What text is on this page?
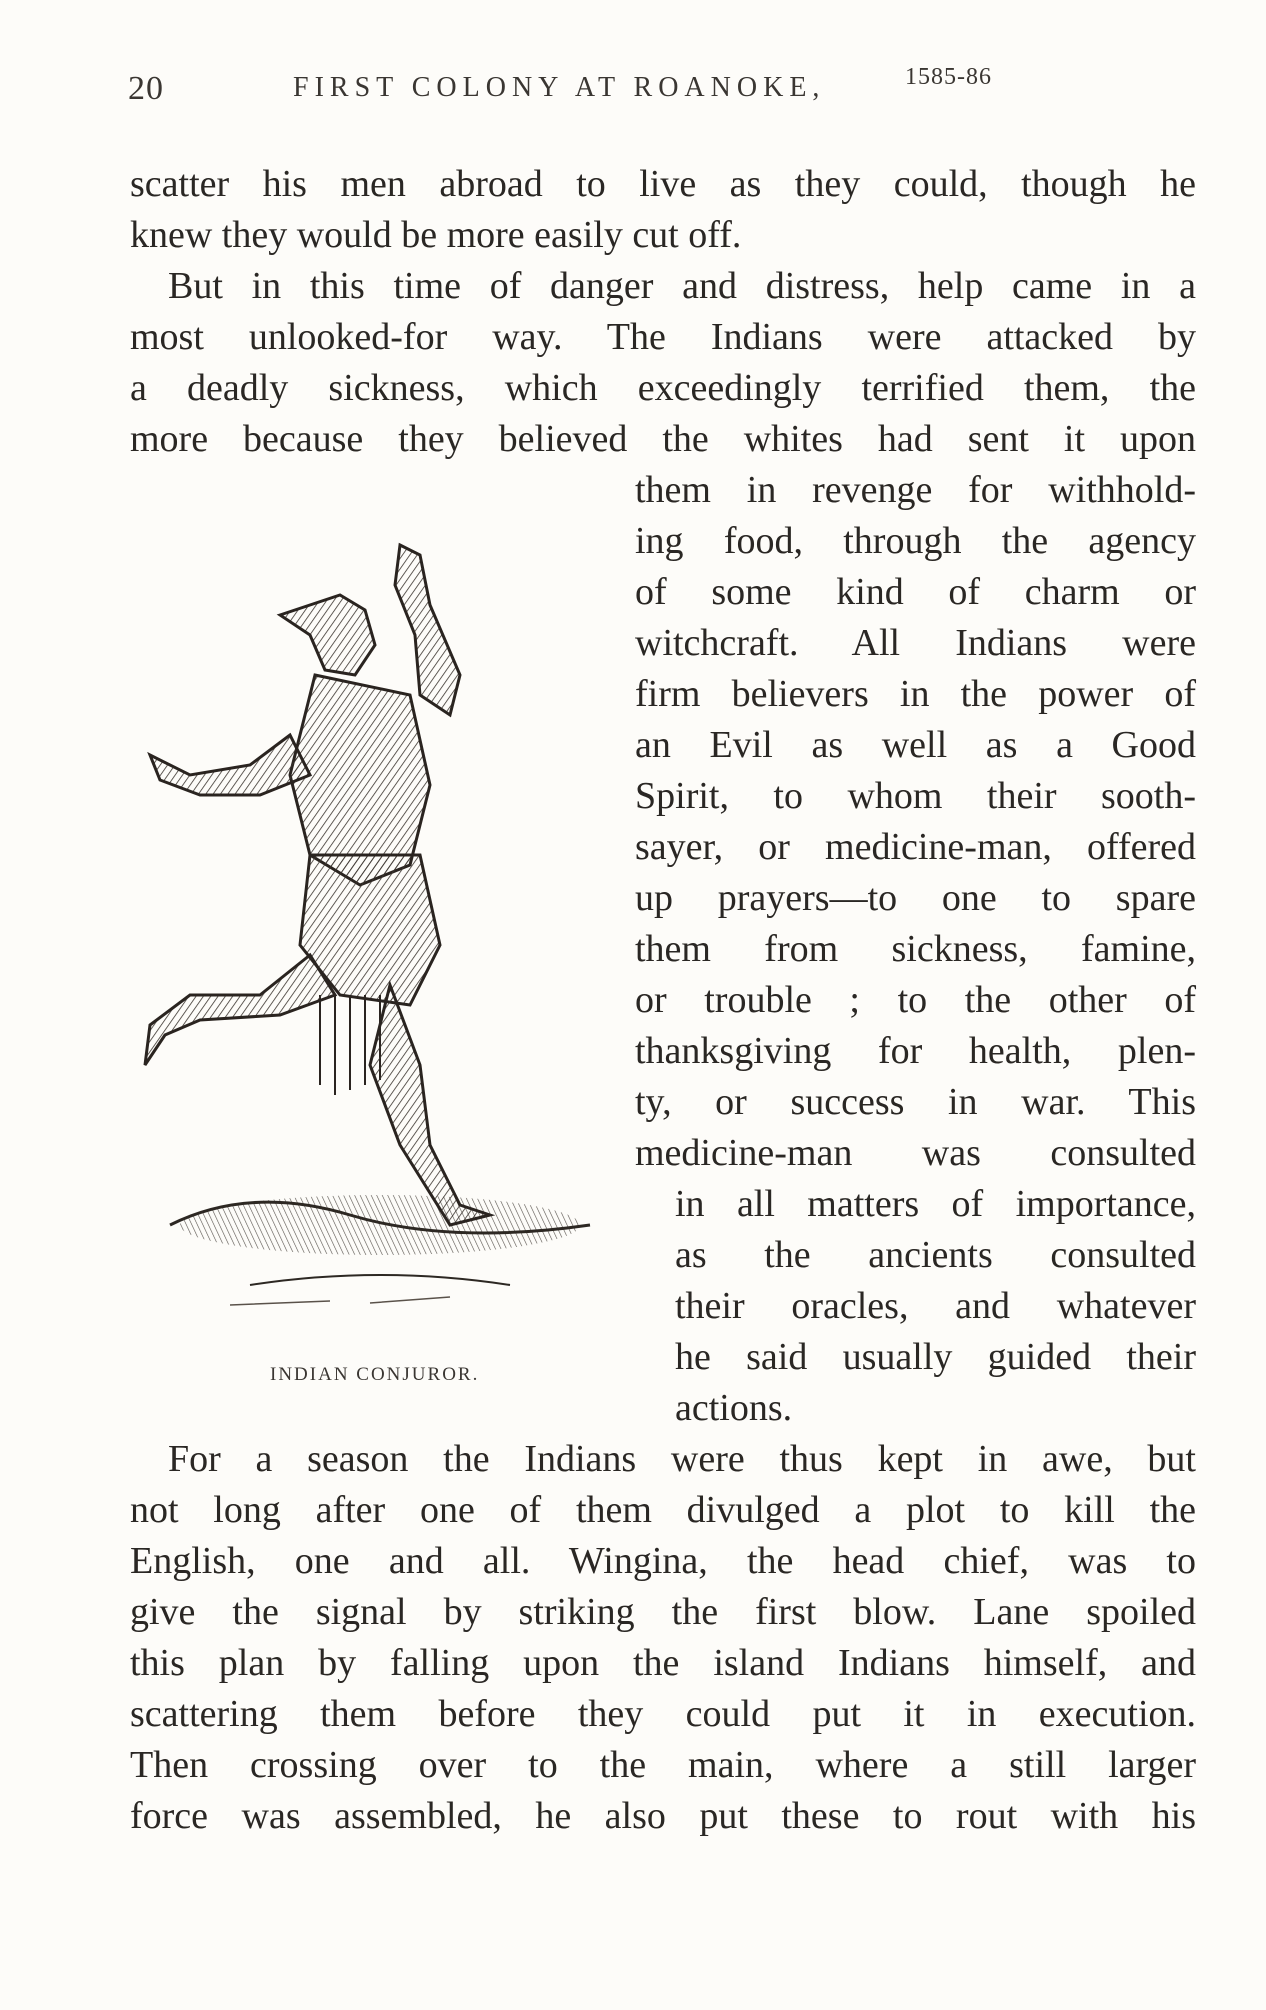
20	FIRST COLONY AT ROANOKE,	1585-86
scatter his men abroad to live as they could, though he
knew they would be more easily cut off.
But in this time of danger and distress, help came in a
most unlooked-for way. The Indians were attacked by
a deadly sickness, which exceedingly terrified them, the
more because they believed the whites had sent it upon
them in revenge for withhold-
ing food, through the agency
of some kind of charm or
witchcraft. All Indians were
firm believers in the power of
an Evil as well as a Good
Spirit, to whom their sooth-
sayer, or medicine-man, offered
up prayers—to one to spare
them from sickness, famine,
or trouble ; to the other of
thanksgiving for health, plen-
ty, or success in war. This
medicine-man was consulted
in all matters of importance,
as the ancients consulted
their oracles, and whatever
he said usually guided their
actions.
For a season the Indians were thus kept in awe, but
not long after one of them divulged a plot to kill the
English, one and all. Wingina, the head chief, was to
give the signal by striking the first blow. Lane spoiled
this plan by falling upon the island Indians himself, and
scattering them before they could put it in execution.
Then crossing over to the main, where a still larger
force was assembled, he also put these to rout with his
INDIAN CONJUROR.
